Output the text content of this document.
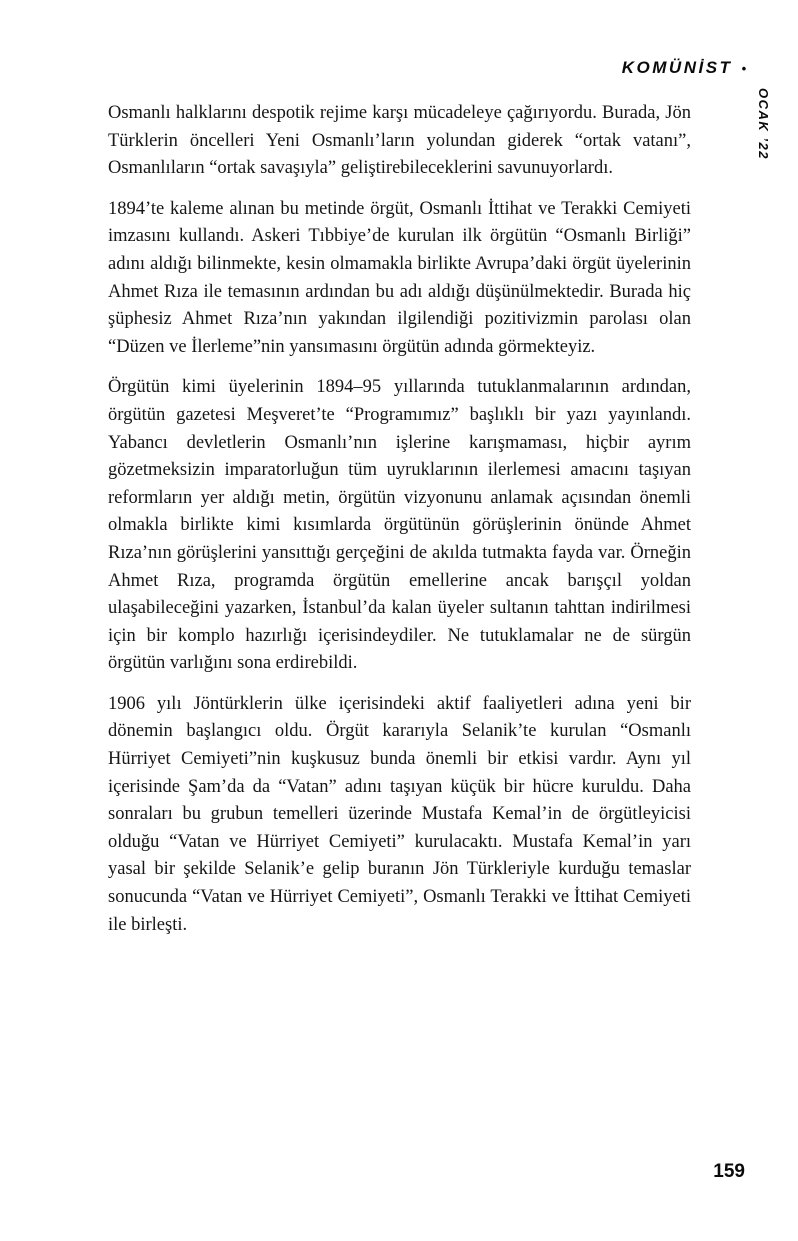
KOMÜNİST •
OCAK ’22

Osmanlı halklarını despotik rejime karşı mücadeleye çağırıyordu. Burada, Jön Türklerin öncelleri Yeni Osmanlı’ların yolundan giderek “ortak vatanı”, Osmanlıların “ortak savaşıyla” geliştirebileceklerini savunuyorlardı.

1894’te kaleme alınan bu metinde örgüt, Osmanlı İttihat ve Terakki Cemiyeti imzasını kullandı. Askeri Tıbbiye’de kurulan ilk örgütün “Osmanlı Birliği” adını aldığı bilinmekte, kesin olmamakla birlikte Avrupa’daki örgüt üyelerinin Ahmet Rıza ile temasının ardından bu adı aldığı düşünülmektedir. Burada hiç şüphesiz Ahmet Rıza’nın yakından ilgilendiği pozitivizmin parolası olan “Düzen ve İlerleme”nin yansımasını örgütün adında görmekteyiz.

Örgütün kimi üyelerinin 1894–95 yıllarında tutuklanmalarının ardından, örgütün gazetesi Meşveret’te “Programımız” başlıklı bir yazı yayınlandı. Yabancı devletlerin Osmanlı’nın işlerine karışmaması, hiçbir ayrım gözetmeksizin imparatorluğun tüm uyruklarının ilerlemesi amacını taşıyan reformların yer aldığı metin, örgütün vizyonunu anlamak açısından önemli olmakla birlikte kimi kısımlarda örgütünün görüşlerinin önünde Ahmet Rıza’nın görüşlerini yansıttığı gerçeğini de akılda tutmakta fayda var. Örneğin Ahmet Rıza, programda örgütün emellerine ancak barışçıl yoldan ulaşabileceğini yazarken, İstanbul’da kalan üyeler sultanın tahttan indirilmesi için bir komplo hazırlığı içerisindeydiler. Ne tutuklamalar ne de sürgün örgütün varlığını sona erdirebildi.

1906 yılı Jöntürklerin ülke içerisindeki aktif faaliyetleri adına yeni bir dönemin başlangıcı oldu. Örgüt kararıyla Selanik’te kurulan “Osmanlı Hürriyet Cemiyeti”nin kuşkusuz bunda önemli bir etkisi vardır. Aynı yıl içerisinde Şam’da da “Vatan” adını taşıyan küçük bir hücre kuruldu. Daha sonraları bu grubun temelleri üzerinde Mustafa Kemal’in de örgütleyicisi olduğu “Vatan ve Hürriyet Cemiyeti” kurulacaktı. Mustafa Kemal’in yarı yasal bir şekilde Selanik’e gelip buranın Jön Türkleriyle kurduğu temaslar sonucunda “Vatan ve Hürriyet Cemiyeti”, Osmanlı Terakki ve İttihat Cemiyeti ile birleşti.

159
